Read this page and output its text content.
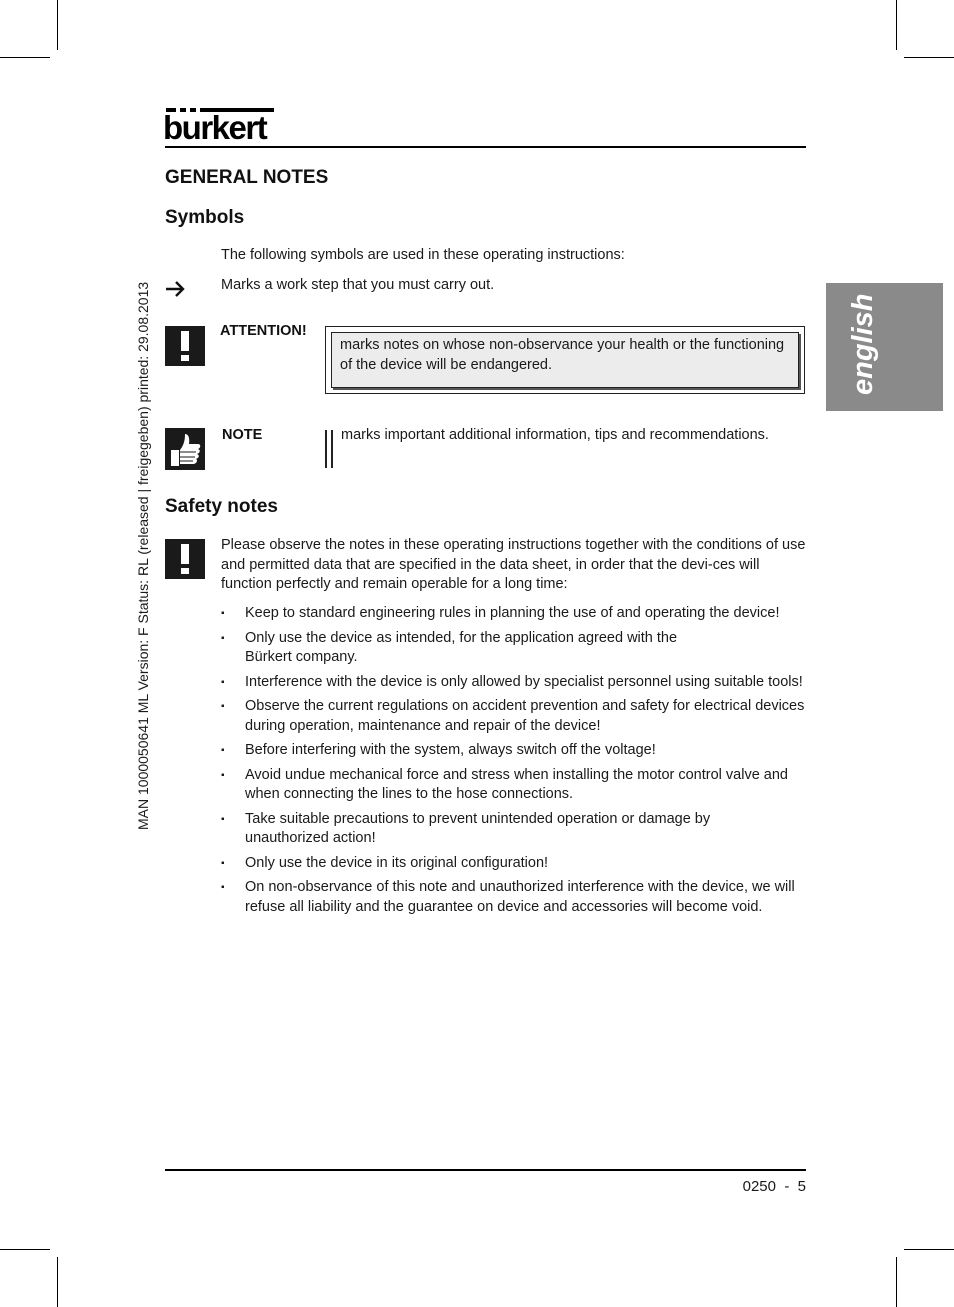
burkert
GENERAL NOTES
MAN 1000050641 ML Version: F Status: RL (released | freigegeben) printed: 29.08.2013	english
Symbols
The following symbols are used in these operating instructions:
Marks a work step that you must carry out.
ATTENTION!
marks notes on whose non-observance your health or the functioning of the device will be endangered.
NOTE	marks important additional information, tips and recommendations.
Safety notes
Please observe the notes in these operating instructions together with the conditions of use and permitted data that are specified in the data sheet, in order that the devi-ces will function perfectly and remain operable for a long time:
▪ Keep to standard engineering rules in planning the use of and operating the device!
▪ Only use the device as intended, for the application agreed with the Bürkert company.
▪ Interference with the device is only allowed by specialist personnel using suitable tools!
▪ Observe the current regulations on accident prevention and safety for electrical devices during operation, maintenance and repair of the device!
▪ Before interfering with the system, always switch off the voltage!
▪ Avoid undue mechanical force and stress when installing the motor control valve and when connecting the lines to the hose connections.
▪ Take suitable precautions to prevent unintended operation or damage by unauthorized action!
▪ Only use the device in its original configuration!
▪ On non-observance of this note and unauthorized interference with the device, we will refuse all liability and the guarantee on device and accessories will become void.
0250  -  5
